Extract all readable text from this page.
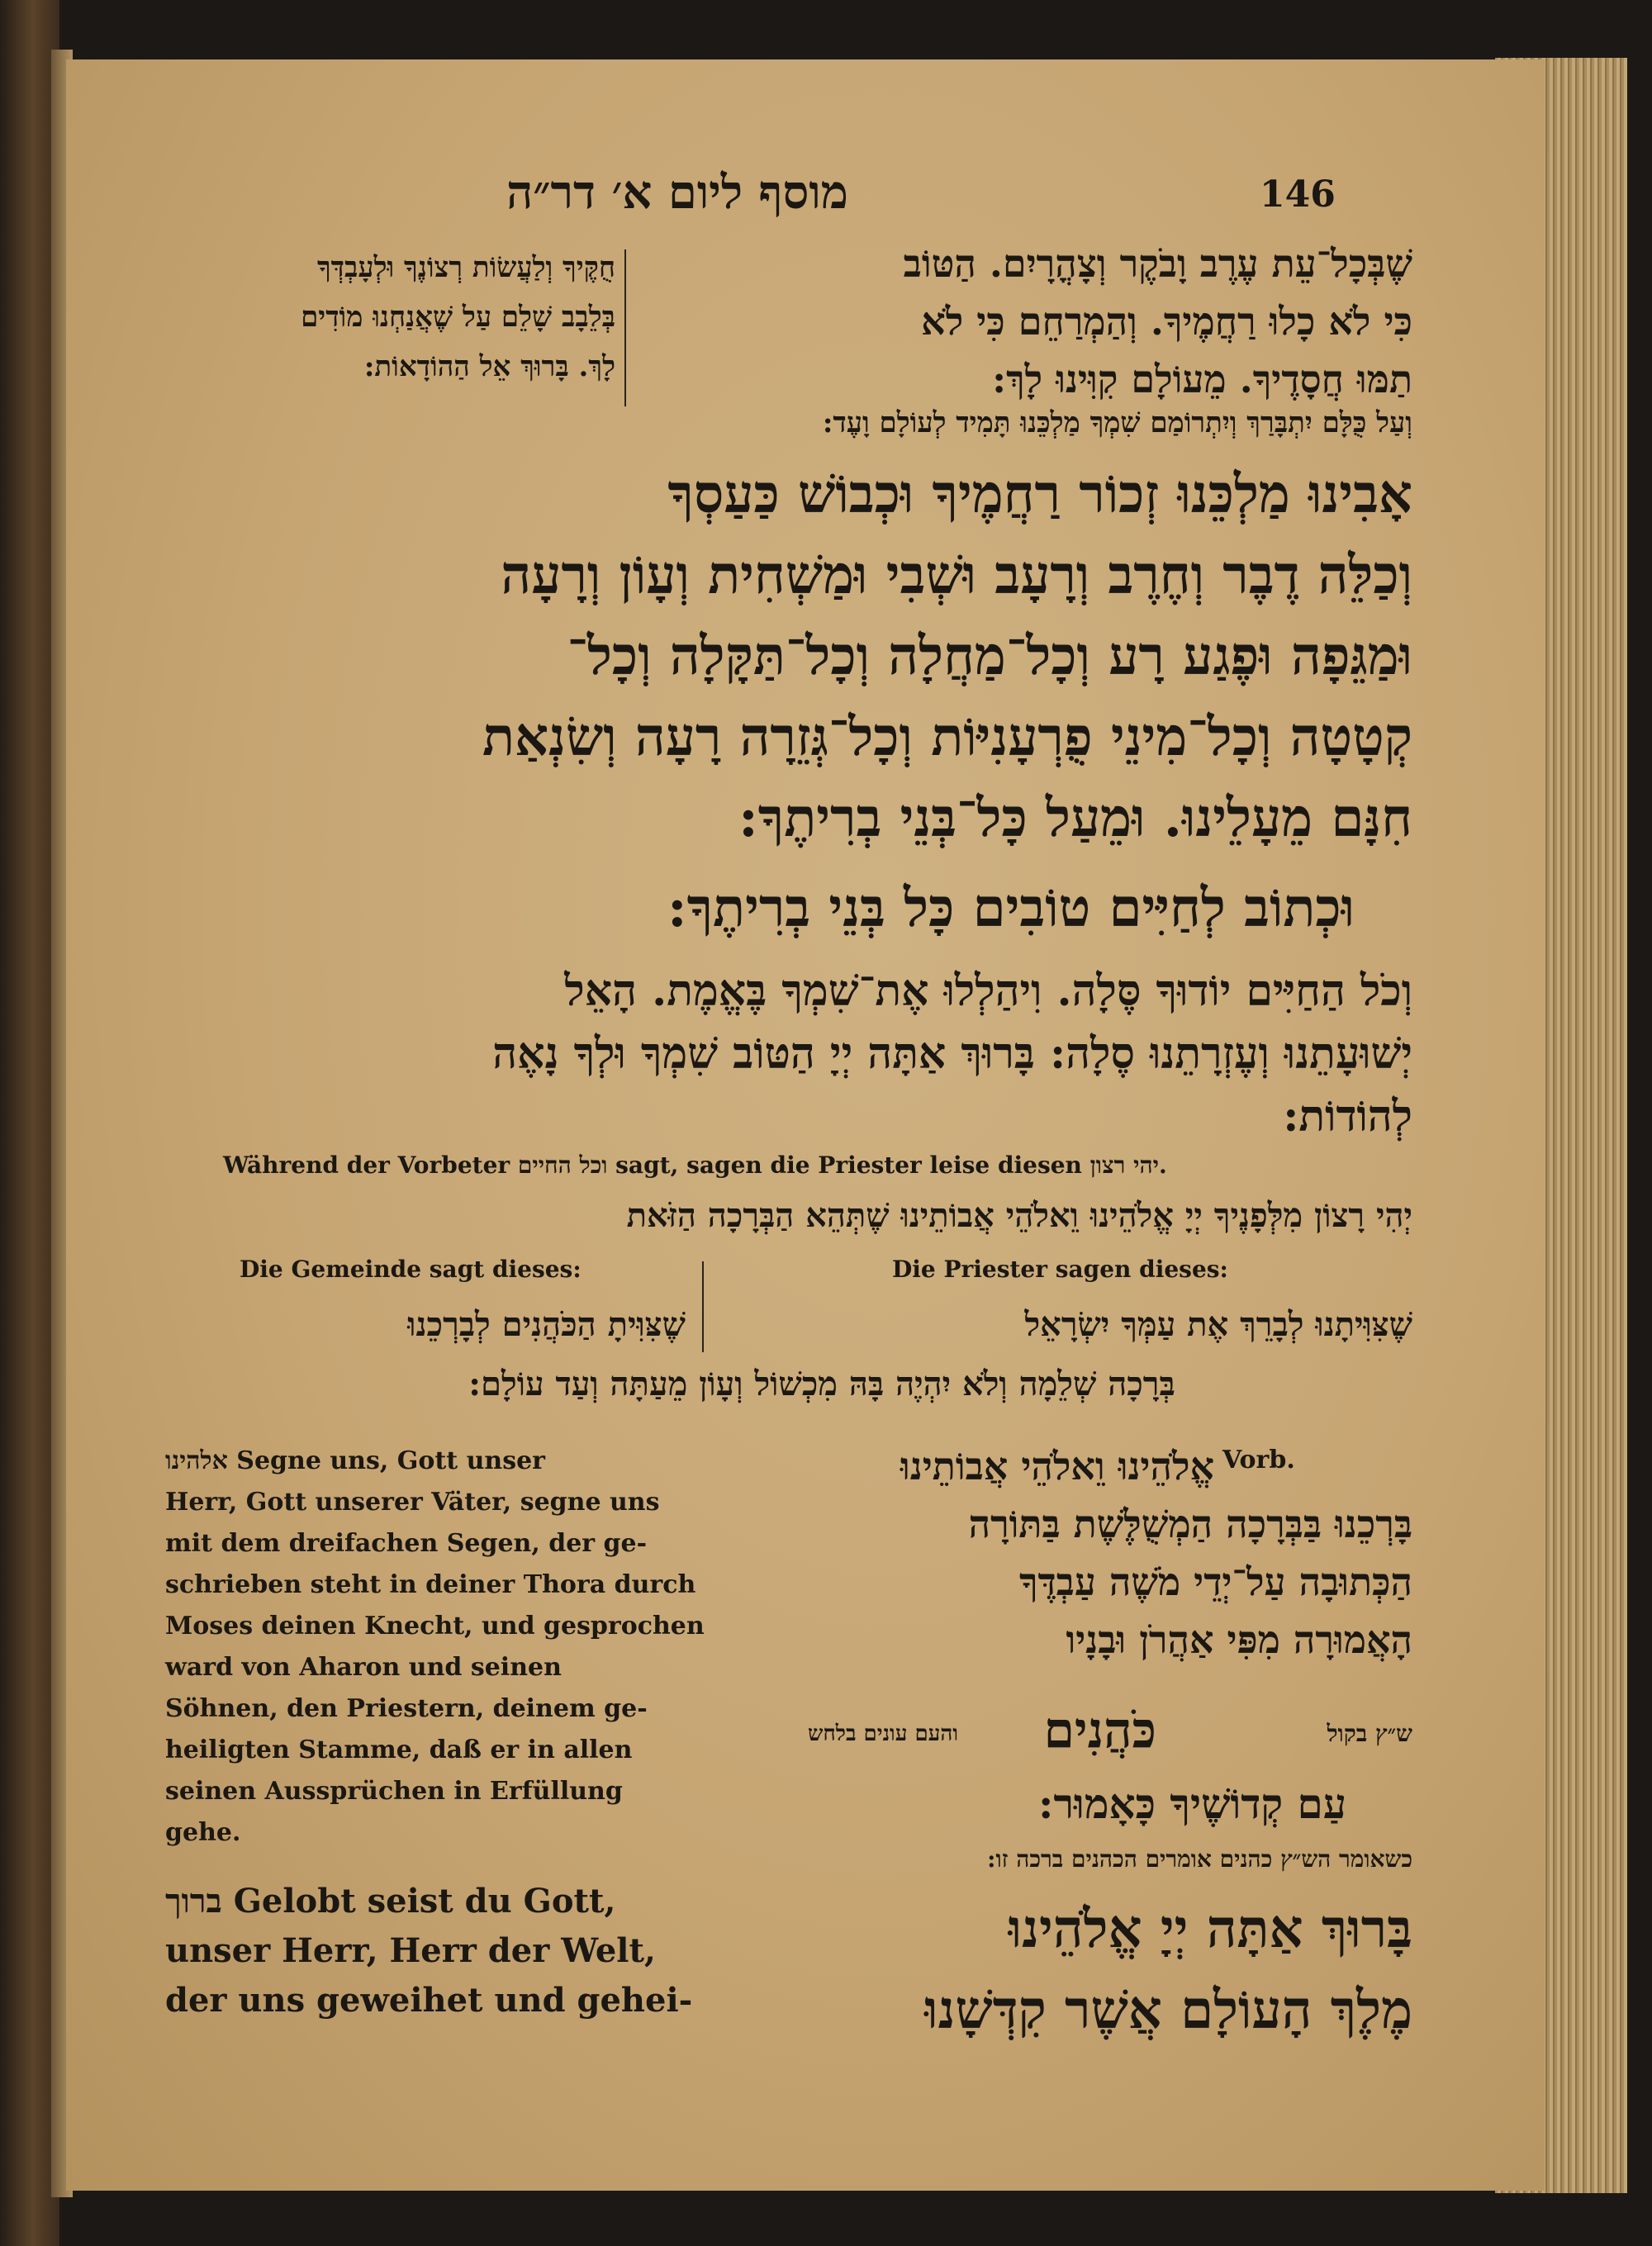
146
מוסף ליום א׳ דר״ה
שֶׁבְּכָל־עֵת עֶרֶב וָבֹקֶר וְצָהֳרָיִם. הַטּוֹב
כִּי לֹא כָלוּ רַחֲמֶיךָ. וְהַמְרַחֵם כִּי לֹא
תַמּוּ חֲסָדֶיךָ. מֵעוֹלָם קִוִּינוּ לָךְ:
חֻקֶּיךָ וְלַעֲשׂוֹת רְצוֹנֶךָ וּלְעָבְדְּךָ
בְּלֵבָב שָׁלֵם עַל שֶׁאֲנַחְנוּ מוֹדִים
לָךְ. בָּרוּךְ אֵל הַהוֹדָאוֹת:
וְעַל כֻּלָּם יִתְבָּרַךְ וְיִתְרוֹמַם שִׁמְךָ מַלְכֵּנוּ תָּמִיד לְעוֹלָם וָעֶד:
אָבִינוּ מַלְכֵּנוּ זְכוֹר רַחֲמֶיךָ וּכְבוֹשׁ כַּעַסְךָ
וְכַלֵּה דֶבֶר וְחֶרֶב וְרָעָב וּשְׁבִי וּמַשְׁחִית וְעָוֹן וְרָעָה
וּמַגֵּפָה וּפֶגַע רָע וְכָל־מַחֲלָה וְכָל־תַּקָּלָה וְכָל־
קְטָטָה וְכָל־מִינֵי פֻרְעָנִיּוֹת וְכָל־גְּזֵרָה רָעָה וְשִׂנְאַת
חִנָּם מֵעָלֵינוּ. וּמֵעַל כָּל־בְּנֵי בְרִיתֶךָ:
וּכְתוֹב לְחַיִּים טוֹבִים כָּל בְּנֵי בְרִיתֶךָ:
וְכֹל הַחַיִּים יוֹדוּךָ סֶּלָה. וִיהַלְלוּ אֶת־שִׁמְךָ בֶּאֱמֶת. הָאֵל
יְשׁוּעָתֵנוּ וְעֶזְרָתֵנוּ סֶלָה: בָּרוּךְ אַתָּה יְיָ הַטּוֹב שִׁמְךָ וּלְךָ נָאֶה
לְהוֹדוֹת:
Während der Vorbeter וכל החיים sagt, sagen die Priester leise diesen יהי רצון.
יְהִי רָצוֹן מִלְּפָנֶיךָ יְיָ אֱלֹהֵינוּ וֵאלֹהֵי אֲבוֹתֵינוּ שֶׁתְּהֵא הַבְּרָכָה הַזֹּאת
Die Gemeinde sagt dieses:	Die Priester sagen dieses:
שֶׁצִּוִּיתָ הַכֹּהֲנִים לְבָרְכֵנוּ	שֶׁצִּוִּיתָנוּ לְבָרֵךְ אֶת עַמְּךָ יִשְׂרָאֵל
בְּרָכָה שְׁלֵמָה וְלֹא יִהְיֶה בָּהּ מִכְשׁוֹל וְעָוֹן מֵעַתָּה וְעַד עוֹלָם:
אלהינו Segne uns, Gott unser
Herr, Gott unserer Väter, segne uns
mit dem dreifachen Segen, der ge-
schrieben steht in deiner Thora durch
Moses deinen Knecht, und gesprochen
ward von Aharon und seinen
Söhnen, den Priestern, deinem ge-
heiligten Stamme, daß er in allen
seinen Aussprüchen in Erfüllung
gehe.
ברוך Gelobt seist du Gott,
unser Herr, Herr der Welt,
der uns geweihet und gehei-
Vorb.
אֱלֹהֵינוּ וֵאלֹהֵי אֲבוֹתֵינוּ
בָּרְכֵנוּ בַּבְּרָכָה הַמְשֻׁלֶּשֶׁת בַּתּוֹרָה
הַכְּתוּבָה עַל־יְדֵי מֹשֶׁה עַבְדֶּךָ
הָאֲמוּרָה מִפִּי אַהֲרֹן וּבָנָיו
ש״ץ בקול
כֹּהֲנִים
והעם עונים בלחש
עַם קְדוֹשֶׁיךָ כָּאָמוּר:
כשאומר הש״ץ כהנים אומרים הכהנים ברכה זו:
בָּרוּךְ אַתָּה יְיָ אֱלֹהֵינוּ
מֶלֶךְ הָעוֹלָם אֲשֶׁר קִדְּשָׁנוּ
